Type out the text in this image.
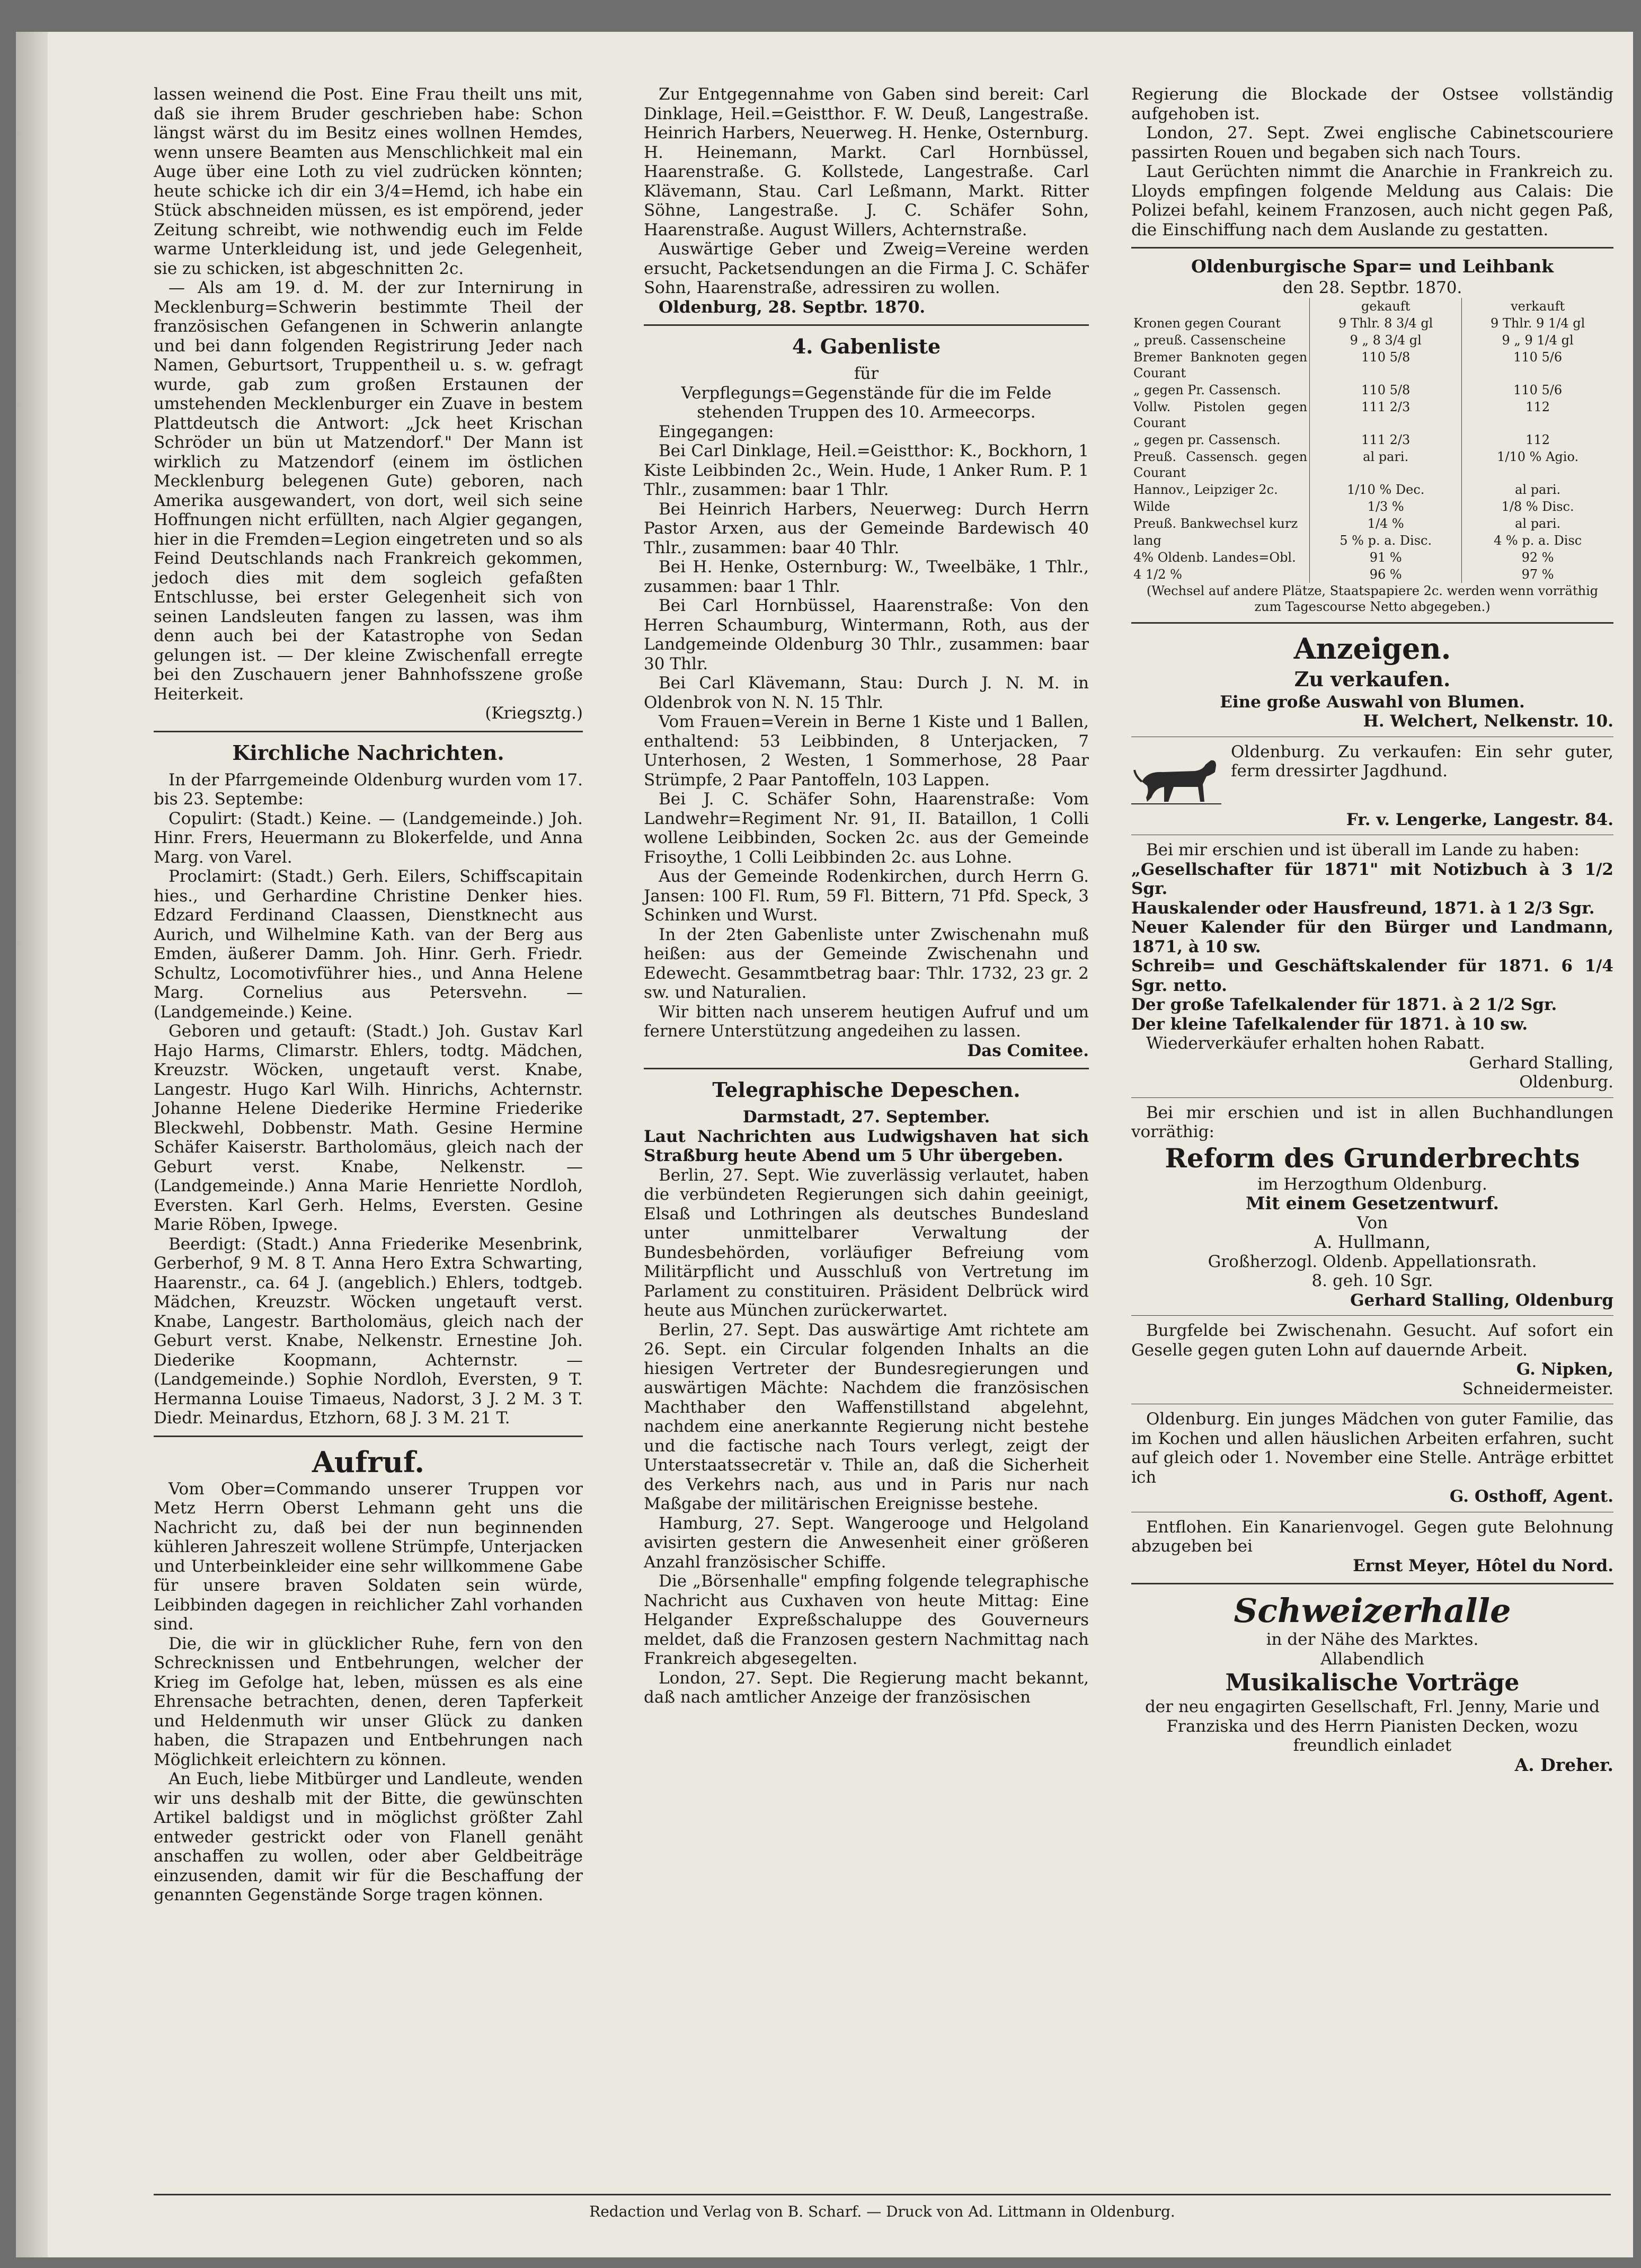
lassen weinend die Post. Eine Frau theilt uns mit, daß sie ihrem Bruder geschrieben habe: Schon längst wärst du im Besitz eines wollnen Hemdes, wenn unsere Beamten aus Menschlichkeit mal ein Auge über eine Loth zu viel zudrücken könnten; heute schicke ich dir ein 3/4=Hemd, ich habe ein Stück abschneiden müssen, es ist empörend, jeder Zeitung schreibt, wie nothwendig euch im Felde warme Unterkleidung ist, und jede Gelegenheit, sie zu schicken, ist abgeschnitten 2c.

— Als am 19. d. M. der zur Internirung in Mecklenburg=Schwerin bestimmte Theil der französischen Gefangenen in Schwerin anlangte und bei dann folgenden Registrirung Jeder nach Namen, Geburtsort, Truppentheil u. s. w. gefragt wurde, gab zum großen Erstaunen der umstehenden Mecklenburger ein Zuave in bestem Plattdeutsch die Antwort: „Jck heet Krischan Schröder un bün ut Matzendorf." Der Mann ist wirklich zu Matzendorf (einem im östlichen Mecklenburg belegenen Gute) geboren, nach Amerika ausgewandert, von dort, weil sich seine Hoffnungen nicht erfüllten, nach Algier gegangen, hier in die Fremden=Legion eingetreten und so als Feind Deutschlands nach Frankreich gekommen, jedoch dies mit dem sogleich gefaßten Entschlusse, bei erster Gelegenheit sich von seinen Landsleuten fangen zu lassen, was ihm denn auch bei der Katastrophe von Sedan gelungen ist. — Der kleine Zwischenfall erregte bei den Zuschauern jener Bahnhofsszene große Heiterkeit.

(Kriegsztg.)

Kirchliche Nachrichten.

In der Pfarrgemeinde Oldenburg wurden vom 17. bis 23. Septembe:

Copulirt: (Stadt.) Keine. — (Landgemeinde.) Joh. Hinr. Frers, Heuermann zu Blokerfelde, und Anna Marg. von Varel.

Proclamirt: (Stadt.) Gerh. Eilers, Schiffscapitain hies., und Gerhardine Christine Denker hies. Edzard Ferdinand Claassen, Dienstknecht aus Aurich, und Wilhelmine Kath. van der Berg aus Emden, äußerer Damm. Joh. Hinr. Gerh. Friedr. Schultz, Locomotivführer hies., und Anna Helene Marg. Cornelius aus Petersvehn. — (Landgemeinde.) Keine.

Geboren und getauft: (Stadt.) Joh. Gustav Karl Hajo Harms, Climarstr. Ehlers, todtg. Mädchen, Kreuzstr. Wöcken, ungetauft verst. Knabe, Langestr. Hugo Karl Wilh. Hinrichs, Achternstr. Johanne Helene Diederike Hermine Friederike Bleckwehl, Dobbenstr. Math. Gesine Hermine Schäfer Kaiserstr. Bartholomäus, gleich nach der Geburt verst. Knabe, Nelkenstr. — (Landgemeinde.) Anna Marie Henriette Nordloh, Eversten. Karl Gerh. Helms, Eversten. Gesine Marie Röben, Ipwege.

Beerdigt: (Stadt.) Anna Friederike Mesenbrink, Gerberhof, 9 M. 8 T. Anna Hero Extra Schwarting, Haarenstr., ca. 64 J. (angeblich.) Ehlers, todtgeb. Mädchen, Kreuzstr. Wöcken ungetauft verst. Knabe, Langestr. Bartholomäus, gleich nach der Geburt verst. Knabe, Nelkenstr. Ernestine Joh. Diederike Koopmann, Achternstr. — (Landgemeinde.) Sophie Nordloh, Eversten, 9 T. Hermanna Louise Timaeus, Nadorst, 3 J. 2 M. 3 T. Diedr. Meinardus, Etzhorn, 68 J. 3 M. 21 T.

Aufruf.

Vom Ober=Commando unserer Truppen vor Metz Herrn Oberst Lehmann geht uns die Nachricht zu, daß bei der nun beginnenden kühleren Jahreszeit wollene Strümpfe, Unterjacken und Unterbeinkleider eine sehr willkommene Gabe für unsere braven Soldaten sein würde, Leibbinden dagegen in reichlicher Zahl vorhanden sind.

Die, die wir in glücklicher Ruhe, fern von den Schrecknissen und Entbehrungen, welcher der Krieg im Gefolge hat, leben, müssen es als eine Ehrensache betrachten, denen, deren Tapferkeit und Heldenmuth wir unser Glück zu danken haben, die Strapazen und Entbehrungen nach Möglichkeit erleichtern zu können.

An Euch, liebe Mitbürger und Landleute, wenden wir uns deshalb mit der Bitte, die gewünschten Artikel baldigst und in möglichst größter Zahl entweder gestrickt oder von Flanell genäht anschaffen zu wollen, oder aber Geldbeiträge einzusenden, damit wir für die Beschaffung der genannten Gegenstände Sorge tragen können.

Zur Entgegennahme von Gaben sind bereit: Carl Dinklage, Heil.=Geistthor. F. W. Deuß, Langestraße. Heinrich Harbers, Neuerweg. H. Henke, Osternburg. H. Heinemann, Markt. Carl Hornbüssel, Haarenstraße. G. Kollstede, Langestraße. Carl Klävemann, Stau. Carl Leßmann, Markt. Ritter Söhne, Langestraße. J. C. Schäfer Sohn, Haarenstraße. August Willers, Achternstraße.

Auswärtige Geber und Zweig=Vereine werden ersucht, Packetsendungen an die Firma J. C. Schäfer Sohn, Haarenstraße, adressiren zu wollen.

Oldenburg, 28. Septbr. 1870.

4. Gabenliste

für

Verpflegungs=Gegenstände für die im Felde stehenden Truppen des 10. Armeecorps.

Eingegangen:

Bei Carl Dinklage, Heil.=Geistthor: K., Bockhorn, 1 Kiste Leibbinden 2c., Wein. Hude, 1 Anker Rum. P. 1 Thlr., zusammen: baar 1 Thlr.

Bei Heinrich Harbers, Neuerweg: Durch Herrn Pastor Arxen, aus der Gemeinde Bardewisch 40 Thlr., zusammen: baar 40 Thlr.

Bei H. Henke, Osternburg: W., Tweelbäke, 1 Thlr., zusammen: baar 1 Thlr.

Bei Carl Hornbüssel, Haarenstraße: Von den Herren Schaumburg, Wintermann, Roth, aus der Landgemeinde Oldenburg 30 Thlr., zusammen: baar 30 Thlr.

Bei Carl Klävemann, Stau: Durch J. N. M. in Oldenbrok von N. N. 15 Thlr.

Vom Frauen=Verein in Berne 1 Kiste und 1 Ballen, enthaltend: 53 Leibbinden, 8 Unterjacken, 7 Unterhosen, 2 Westen, 1 Sommerhose, 28 Paar Strümpfe, 2 Paar Pantoffeln, 103 Lappen.

Bei J. C. Schäfer Sohn, Haarenstraße: Vom Landwehr=Regiment Nr. 91, II. Bataillon, 1 Colli wollene Leibbinden, Socken 2c. aus der Gemeinde Frisoythe, 1 Colli Leibbinden 2c. aus Lohne.

Aus der Gemeinde Rodenkirchen, durch Herrn G. Jansen: 100 Fl. Rum, 59 Fl. Bittern, 71 Pfd. Speck, 3 Schinken und Wurst.

In der 2ten Gabenliste unter Zwischenahn muß heißen: aus der Gemeinde Zwischenahn und Edewecht. Gesammtbetrag baar: Thlr. 1732, 23 gr. 2 sw. und Naturalien.

Wir bitten nach unserem heutigen Aufruf und um fernere Unterstützung angedeihen zu lassen.

Das Comitee.

Telegraphische Depeschen.

Darmstadt, 27. September.

Laut Nachrichten aus Ludwigshaven hat sich Straßburg heute Abend um 5 Uhr übergeben.

Berlin, 27. Sept. Wie zuverlässig verlautet, haben die verbündeten Regierungen sich dahin geeinigt, Elsaß und Lothringen als deutsches Bundesland unter unmittelbarer Verwaltung der Bundesbehörden, vorläufiger Befreiung vom Militärpflicht und Ausschluß von Vertretung im Parlament zu constituiren. Präsident Delbrück wird heute aus München zurückerwartet.

Berlin, 27. Sept. Das auswärtige Amt richtete am 26. Sept. ein Circular folgenden Inhalts an die hiesigen Vertreter der Bundesregierungen und auswärtigen Mächte: Nachdem die französischen Machthaber den Waffenstillstand abgelehnt, nachdem eine anerkannte Regierung nicht bestehe und die factische nach Tours verlegt, zeigt der Unterstaatssecretär v. Thile an, daß die Sicherheit des Verkehrs nach, aus und in Paris nur nach Maßgabe der militärischen Ereignisse bestehe.

Hamburg, 27. Sept. Wangerooge und Helgoland avisirten gestern die Anwesenheit einer größeren Anzahl französischer Schiffe.

Die „Börsenhalle" empfing folgende telegraphische Nachricht aus Cuxhaven von heute Mittag: Eine Helgander Expreßschaluppe des Gouverneurs meldet, daß die Franzosen gestern Nachmittag nach Frankreich abgesegelten.

London, 27. Sept. Die Regierung macht bekannt, daß nach amtlicher Anzeige der französischen

Regierung die Blockade der Ostsee vollständig aufgehoben ist.

London, 27. Sept. Zwei englische Cabinetscouriere passirten Rouen und begaben sich nach Tours.

Laut Gerüchten nimmt die Anarchie in Frankreich zu. Lloyds empfingen folgende Meldung aus Calais: Die Polizei befahl, keinem Franzosen, auch nicht gegen Paß, die Einschiffung nach dem Auslande zu gestatten.

Oldenburgische Spar= und Leihbank

den 28. Septbr. 1870.

	gekauft	verkauft
Kronen gegen Courant	9 Thlr. 8 3/4 gl	9 Thlr. 9 1/4 gl
„ preuß. Cassenscheine	9 „ 8 3/4 gl	9 „ 9 1/4 gl
Bremer Banknoten gegen Courant	110 5/8	110 5/6
„ gegen Pr. Cassensch.	110 5/8	110 5/6
Vollw. Pistolen gegen Courant	111 2/3	112
„ gegen pr. Cassensch.	111 2/3	112
Preuß. Cassensch. gegen Courant	al pari.	1/10 % Agio.
Hannov., Leipziger 2c.	1/10 % Dec.	al pari.
Wilde	1/3 %	1/8 % Disc.
Preuß. Bankwechsel kurz	1/4 %	al pari.
lang	5 % p. a. Disc.	4 % p. a. Disc
4% Oldenb. Landes=Obl.	91 %	92 %
4 1/2 %	96 %	97 %

(Wechsel auf andere Plätze, Staatspapiere 2c. werden wenn vorräthig zum Tagescourse Netto abgegeben.)

Anzeigen.
Zu verkaufen.

Eine große Auswahl von Blumen.

H. Welchert, Nelkenstr. 10.

Oldenburg. Zu verkaufen: Ein sehr guter, ferm dressirter Jagdhund.

Fr. v. Lengerke, Langestr. 84.

Bei mir erschien und ist überall im Lande zu haben:

„Gesellschafter für 1871" mit Notizbuch à 3 1/2 Sgr.

Hauskalender oder Hausfreund, 1871. à 1 2/3 Sgr.

Neuer Kalender für den Bürger und Landmann, 1871, à 10 sw.

Schreib= und Geschäftskalender für 1871. 6 1/4 Sgr. netto.

Der große Tafelkalender für 1871. à 2 1/2 Sgr.

Der kleine Tafelkalender für 1871. à 10 sw.

Wiederverkäufer erhalten hohen Rabatt.

Gerhard Stalling,

Oldenburg.

Bei mir erschien und ist in allen Buchhandlungen vorräthig:

Reform des Grunderbrechts

im Herzogthum Oldenburg.

Mit einem Gesetzentwurf.

Von

A. Hullmann,

Großherzogl. Oldenb. Appellationsrath.

8. geh. 10 Sgr.

Gerhard Stalling, Oldenburg

Burgfelde bei Zwischenahn. Gesucht. Auf sofort ein Geselle gegen guten Lohn auf dauernde Arbeit.

G. Nipken,

Schneidermeister.

Oldenburg. Ein junges Mädchen von guter Familie, das im Kochen und allen häuslichen Arbeiten erfahren, sucht auf gleich oder 1. November eine Stelle. Anträge erbittet ich

G. Osthoff, Agent.

Entflohen. Ein Kanarienvogel. Gegen gute Belohnung abzugeben bei

Ernst Meyer, Hôtel du Nord.

Schweizerhalle

in der Nähe des Marktes.

Allabendlich

Musikalische Vorträge

der neu engagirten Gesellschaft, Frl. Jenny, Marie und Franziska und des Herrn Pianisten Decken, wozu freundlich einladet

A. Dreher.

Redaction und Verlag von B. Scharf. — Druck von Ad. Littmann in Oldenburg.
